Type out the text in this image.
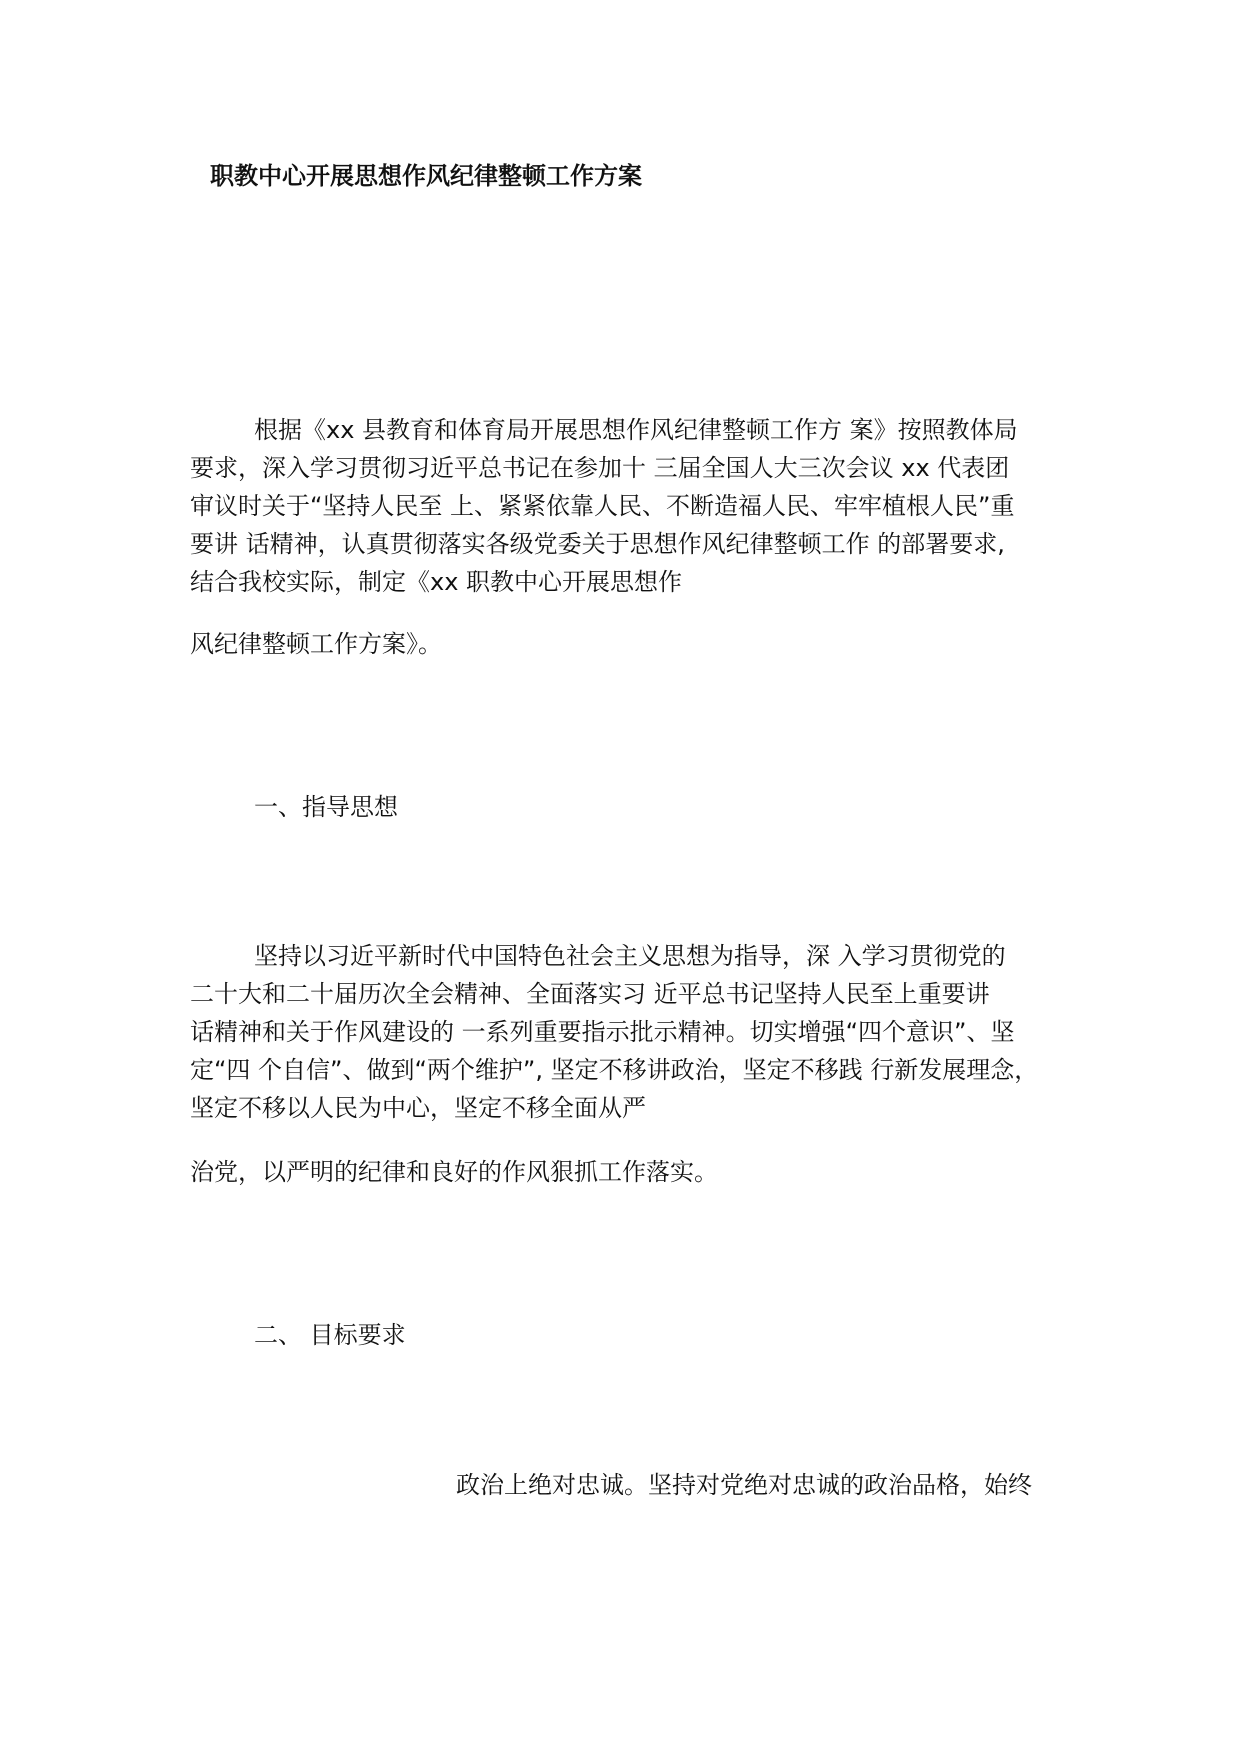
职教中心开展思想作风纪律整顿工作方案
根据《xx 县教育和体育局开展思想作风纪律整顿工作方 案》按照教体局
要求，深入学习贯彻习近平总书记在参加十 三届全国人大三次会议 xx 代表团
审议时关于“坚持人民至 上、紧紧依靠人民、不断造福人民、牢牢植根人民”重
要讲 话精神，认真贯彻落实各级党委关于思想作风纪律整顿工作 的部署要求,
结合我校实际，制定《xx 职教中心开展思想作
风纪律整顿工作方案》。
一、指导思想
坚持以习近平新时代中国特色社会主义思想为指导，深 入学习贯彻党的
二十大和二十届历次全会精神、全面落实习 近平总书记坚持人民至上重要讲
话精神和关于作风建设的 一系列重要指示批示精神。切实增强“四个意识”、坚
定“四 个自信”、做到“两个维护”, 坚定不移讲政治，坚定不移践 行新发展理念，
坚定不移以人民为中心，坚定不移全面从严
治党，以严明的纪律和良好的作风狠抓工作落实。
二、 目标要求
政治上绝对忠诚。坚持对党绝对忠诚的政治品格，始终
